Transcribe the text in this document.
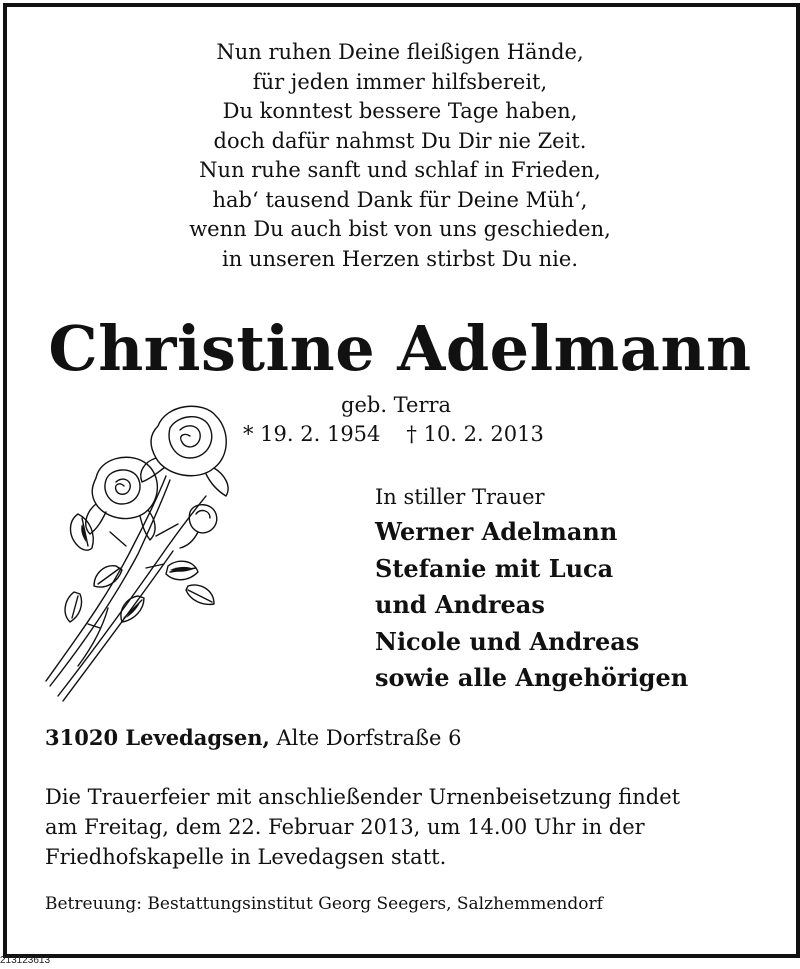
Nun ruhen Deine fleißigen Hände,
für jeden immer hilfsbereit,
Du konntest bessere Tage haben,
doch dafür nahmst Du Dir nie Zeit.
Nun ruhe sanft und schlaf in Frieden,
hab‘ tausend Dank für Deine Müh‘,
wenn Du auch bist von uns geschieden,
in unseren Herzen stirbst Du nie.
Christine Adelmann
geb. Terra
* 19. 2. 1954 † 10. 2. 2013
In stiller Trauer
Werner Adelmann
Stefanie mit Luca
und Andreas
Nicole und Andreas
sowie alle Angehörigen
31020 Levedagsen, Alte Dorfstraße 6
Die Trauerfeier mit anschließender Urnenbeisetzung findet
am Freitag, dem 22. Februar 2013, um 14.00 Uhr in der
Friedhofskapelle in Levedagsen statt.
Betreuung: Bestattungsinstitut Georg Seegers, Salzhemmendorf
213123613
